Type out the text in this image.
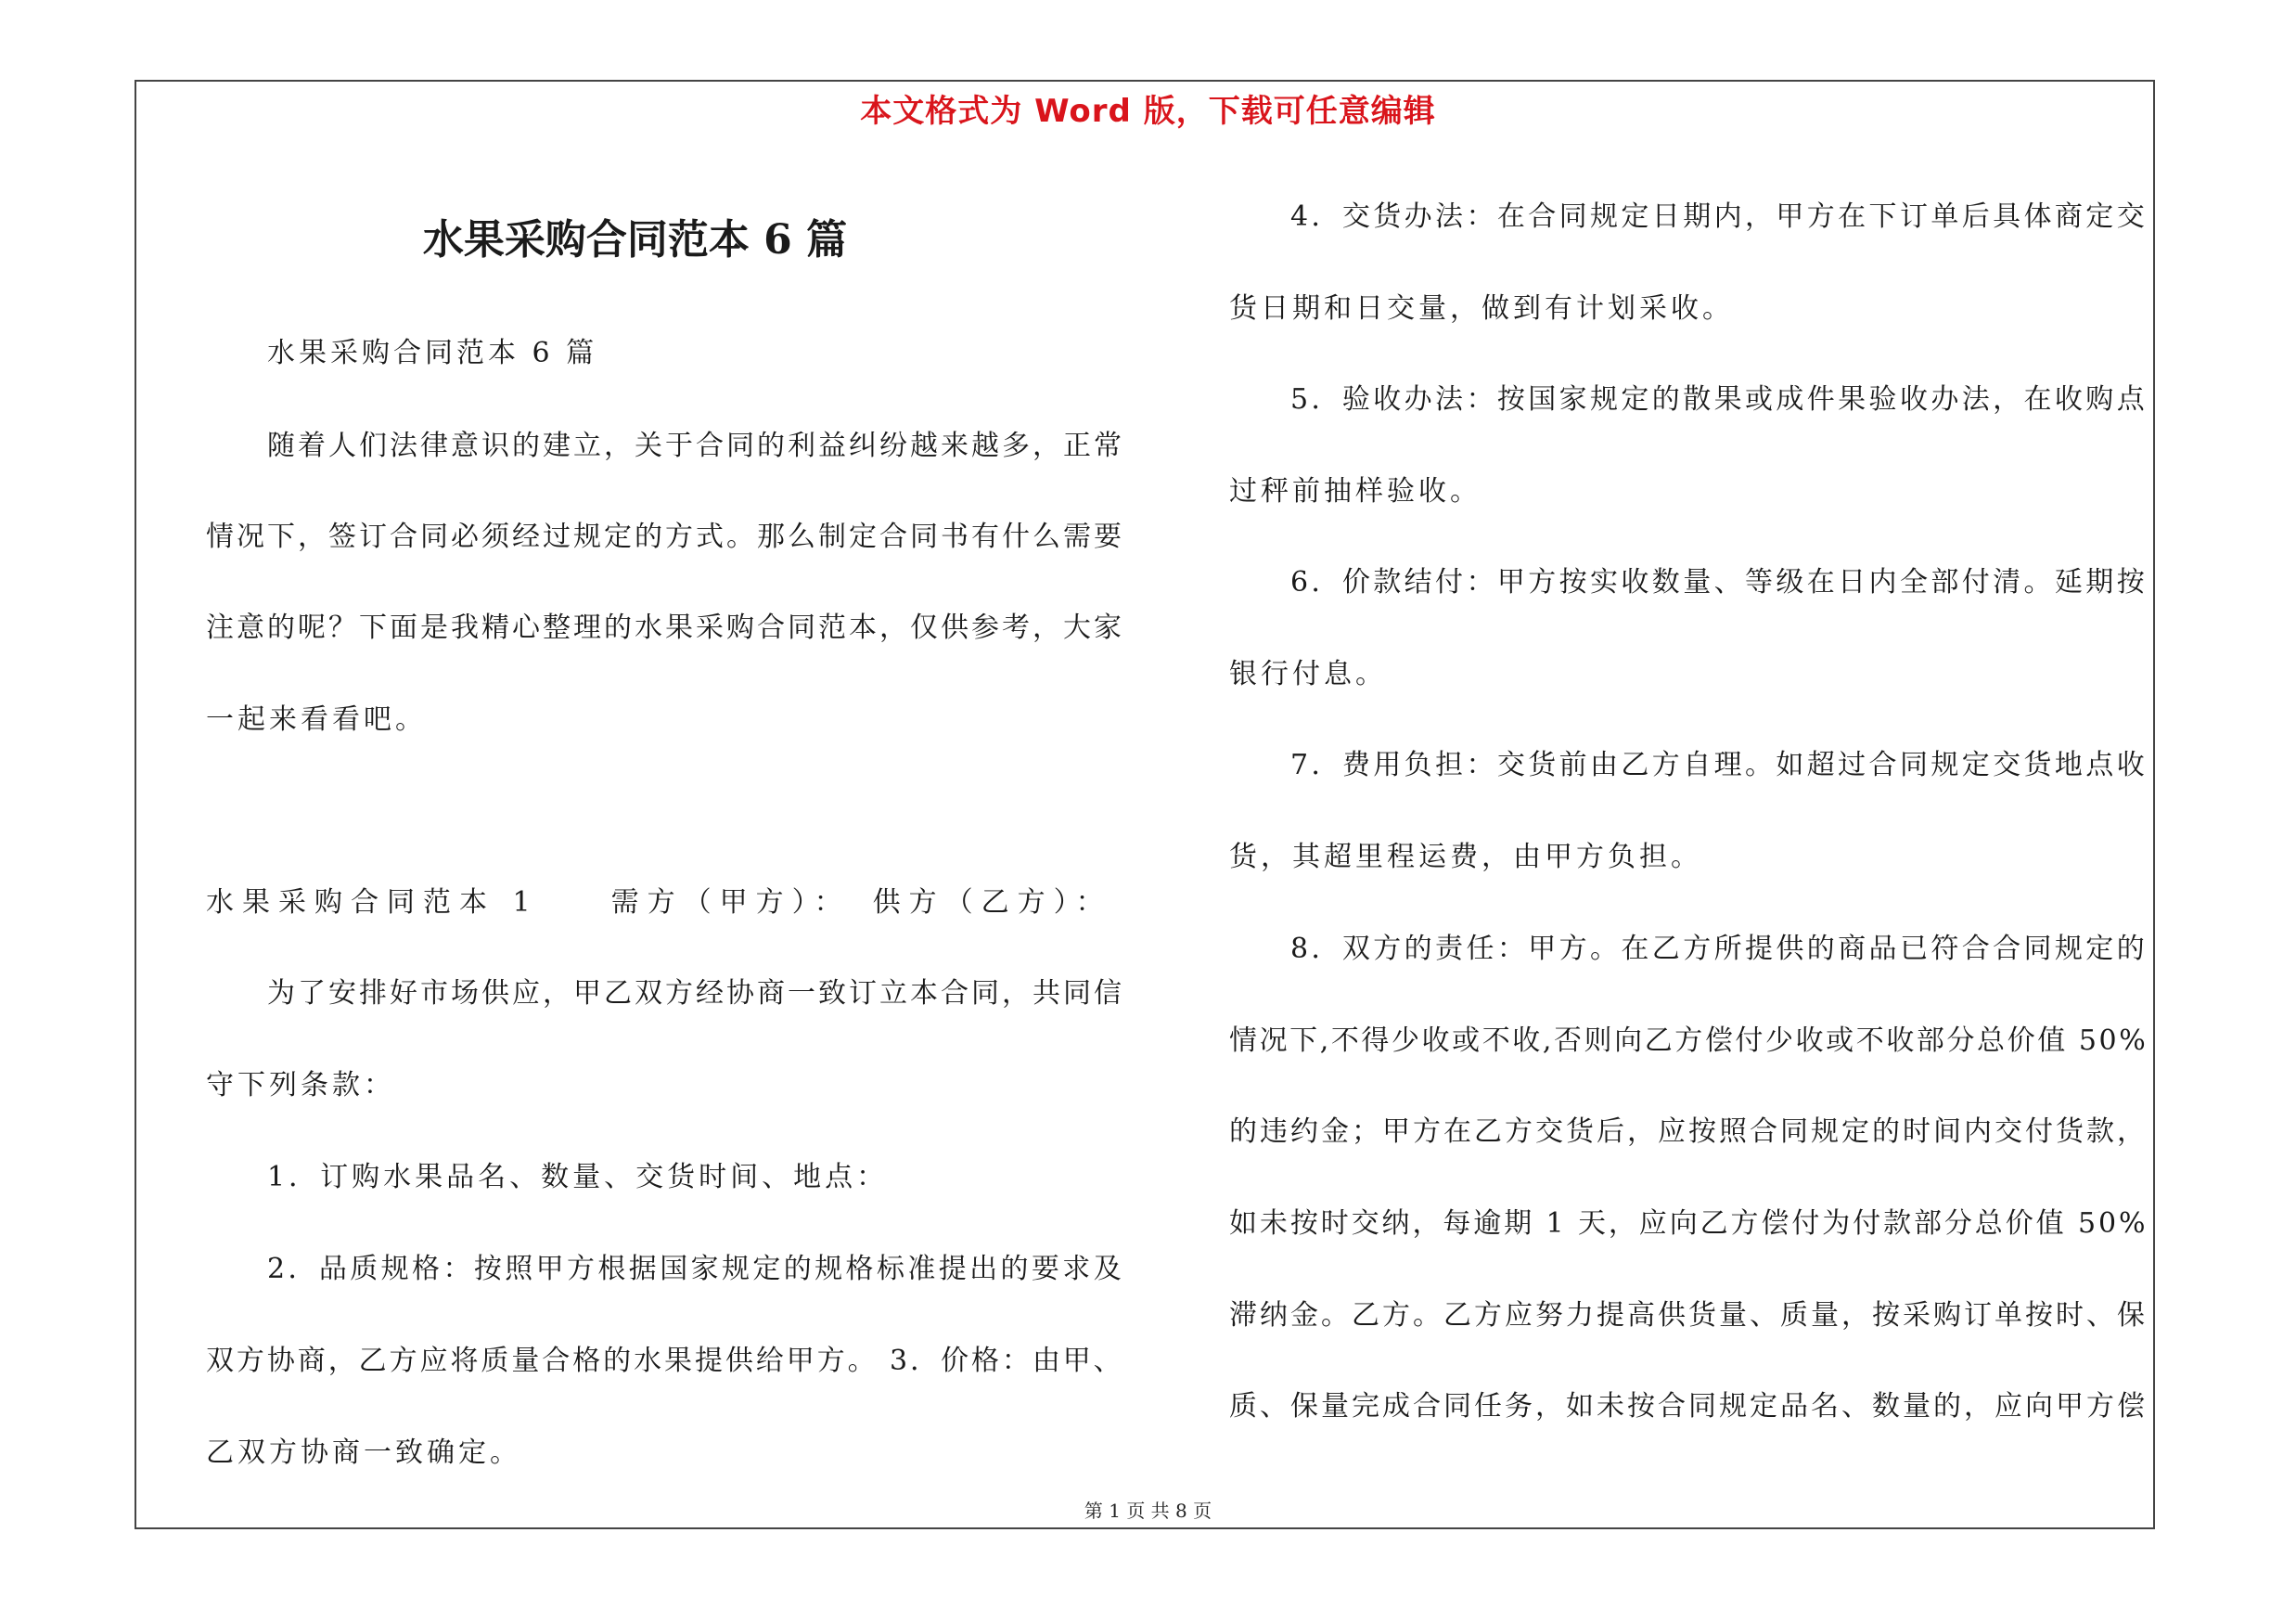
本文格式为 Word 版，下载可任意编辑
水果采购合同范本 6 篇
水果采购合同范本 6 篇
随着人们法律意识的建立，关于合同的利益纠纷越来越多，正常
情况下，签订合同必须经过规定的方式。那么制定合同书有什么需要
注意的呢？下面是我精心整理的水果采购合同范本，仅供参考，大家
一起来看看吧。
水果采购合同范本 1　　需方（甲方）：　供方（乙方）：
为了安排好市场供应，甲乙双方经协商一致订立本合同，共同信
守下列条款：
1．订购水果品名、数量、交货时间、地点：
2．品质规格：按照甲方根据国家规定的规格标准提出的要求及
双方协商，乙方应将质量合格的水果提供给甲方。 3．价格：由甲、
乙双方协商一致确定。
4．交货办法：在合同规定日期内，甲方在下订单后具体商定交
货日期和日交量，做到有计划采收。
5．验收办法：按国家规定的散果或成件果验收办法，在收购点
过秤前抽样验收。
6．价款结付：甲方按实收数量、等级在日内全部付清。延期按
银行付息。
7．费用负担：交货前由乙方自理。如超过合同规定交货地点收
货，其超里程运费，由甲方负担。
8．双方的责任：甲方。在乙方所提供的商品已符合合同规定的
情况下,不得少收或不收,否则向乙方偿付少收或不收部分总价值 50%
的违约金；甲方在乙方交货后，应按照合同规定的时间内交付货款，
如未按时交纳，每逾期 1 天，应向乙方偿付为付款部分总价值 50%
滞纳金。乙方。乙方应努力提高供货量、质量，按采购订单按时、保
质、保量完成合同任务，如未按合同规定品名、数量的，应向甲方偿
第 1 页 共 8 页
